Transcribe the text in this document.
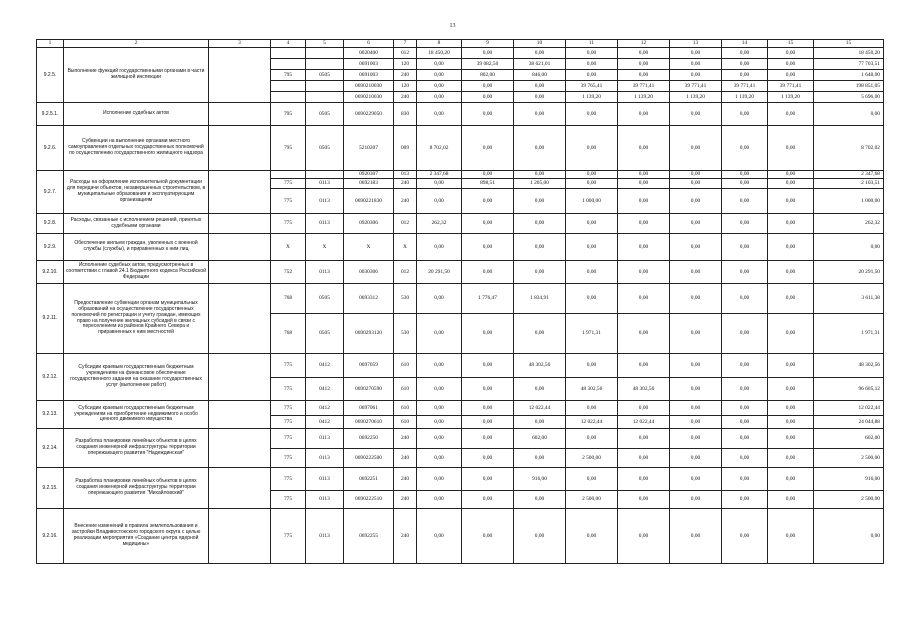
13
1	2	3	4	5	6	7	8	9	10	11	12	13	14	15	15
9.2.5.	Выполнение функций государственными органами в части жилищной инспекции				0020400	012	18 450,20	0,00	0,00	0,00	0,00	0,00	0,00	0,00	18 450,20
					0691003	120	0,00	39 082,50	38 621,01	0,00	0,00	0,00	0,00	0,00	77 703,51
			795	0505	0691003	240	0,00	802,00	846,00	0,00	0,00	0,00	0,00	0,00	1 648,00
					0690210030	120	0,00	0,00	0,00	39 765,41	39 771,41	39 771,41	39 771,41	39 771,41	198 851,05
					0690210030	240	0,00	0,00	0,00	1 139,20	1 139,20	1 139,20	1 139,20	1 139,20	5 696,00
9.2.5.1.	Исполнение судебных актов		795	0505	0690229050	830	0,00	0,00	0,00	0,00	0,00	0,00	0,00	0,00	0,00
9.2.6.	Субвенции на выполнение органами местного самоуправления отдельных государственных полномочий по осуществлению государственного жилищного надзора		795	0505	5210207	009	8 702,02	0,00	0,00	0,00	0,00	0,00	0,00	0,00	8 702,02
9.2.7.	Расходы на оформление исполнительной документации для передачи объектов, незавершенных строительством, в муниципальные образования и эксплуатирующим организациям				0920307	013	2 347,68	0,00	0,00	0,00	0,00	0,00	0,00	0,00	2 347,68
			775	0113	0692183	240	0,00	898,51	1 205,00	0,00	0,00	0,00	0,00	0,00	2 103,51
			775	0113	0690221830	240	0,00	0,00	0,00	1 000,00	0,00	0,00	0,00	0,00	1 000,00
9.2.8.	Расходы, связанные с исполнением решений, принятых судебными органами		775	0113	0920306	012	262,32	0,00	0,00	0,00	0,00	0,00	0,00	0,00	262,32
9.2.9.	Обеспечение жильем граждан, уволенных с военной службы (службы), и приравненных к ним лиц		X	X	X	X	0,00	0,00	0,00	0,00	0,00	0,00	0,00	0,00	0,00
9.2.10.	Исполнение судебных актов, предусмотренных в соответствии с главой 24.1 Бюджетного кодекса Российской Федерации		752	0113	0030306	012	20 291,50	0,00	0,00	0,00	0,00	0,00	0,00	0,00	20 291,50
9.2.11.	Предоставление субвенции органам муниципальных образований на осуществление государственных полномочий по регистрации и учету граждан, имеющих право на получение жилищных субсидий в связи с переселением из районов Крайнего Севера и приравненных к ним местностей		768	0505	0693312	530	0,00	1 776,47	1 834,91	0,00	0,00	0,00	0,00	0,00	3 611,38
			768	0505	0690293120	530	0,00	0,00	0,00	1 971,31	0,00	0,00	0,00	0,00	1 971,31
9.2.12.	Субсидии краевым государственным бюджетным учреждениям на финансовое обеспечение государственного задания на оказание государственных услуг (выполнение работ)		775	0412	0697059	610	0,00	0,00	48 302,56	0,00	0,00	0,00	0,00	0,00	48 302,56
			775	0412	0690270590	610	0,00	0,00	0,00	48 302,56	48 302,56	0,00	0,00	0,00	96 605,12
9.2.13.	Субсидии краевым государственным бюджетным учреждениям на приобретение недвижимого и особо ценного движимого имущества		775	0412	0697061	610	0,00	0,00	12 022,44	0,00	0,00	0,00	0,00	0,00	12 022,44
			775	0412	0690270610	610	0,00	0,00	0,00	12 022,44	12 022,44	0,00	0,00	0,00	24 044,88
9.2.14.	Разработка планировки линейных объектов в целях создания инженерной инфраструктуры территории опережающего развития "Надеждинская"		775	0113	0692250	240	0,00	0,00	602,00	0,00	0,00	0,00	0,00	0,00	602,00
			775	0113	0690222500	240	0,00	0,00	0,00	2 500,00	0,00	0,00	0,00	0,00	2 500,00
9.2.15.	Разработка планировки линейных объектов в целях создания инженерной инфраструктуры территории опережающего развития "Михайловский"		775	0113	0692251	240	0,00	0,00	916,00	0,00	0,00	0,00	0,00	0,00	916,00
			775	0113	0690222510	240	0,00	0,00	0,00	2 500,00	0,00	0,00	0,00	0,00	2 500,00
9.2.16.	Внесение изменений в правила землепользования и застройки Владивостокского городского округа с целью реализации мероприятия «Создание центра ядерной медицины»		775	0113	0692255	240	0,00	0,00	0,00	0,00	0,00	0,00	0,00	0,00	0,00
